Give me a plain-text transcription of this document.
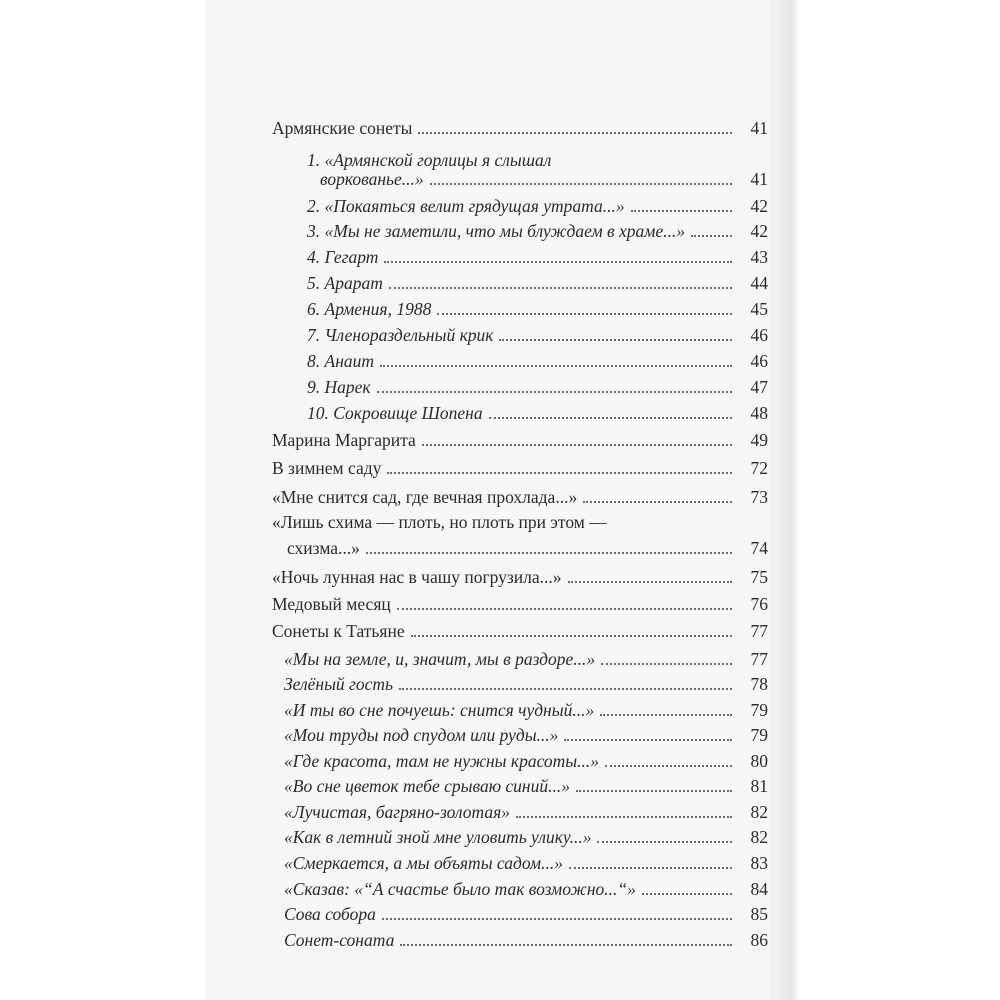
Армянские сонеты	41
1. «Армянской горлицы я слышал
воркованье...»	41
2. «Покаяться велит грядущая утрата...»	42
3. «Мы не заметили, что мы блуждаем в храме...»	42
4. Гегарт	43
5. Арарат	44
6. Армения, 1988	45
7. Членораздельный крик	46
8. Анаит	46
9. Нарек	47
10. Сокровище Шопена	48
Марина Маргарита	49
В зимнем саду	72
«Мне снится сад, где вечная прохлада...»	73
«Лишь схима — плоть, но плоть при этом —
схизма...»	74
«Ночь лунная нас в чашу погрузила...»	75
Медовый месяц	76
Сонеты к Татьяне	77
«Мы на земле, и, значит, мы в раздоре...»	77
Зелёный гость	78
«И ты во сне почуешь: снится чудный...»	79
«Мои труды под спудом или руды...»	79
«Где красота, там не нужны красоты...»	80
«Во сне цветок тебе срываю синий...»	81
«Лучистая, багряно-золотая»	82
«Как в летний зной мне уловить улику...»	82
«Смеркается, а мы объяты садом...»	83
«Сказав: «“А счастье было так возможно...“»	84
Сова собора	85
Сонет-соната	86
